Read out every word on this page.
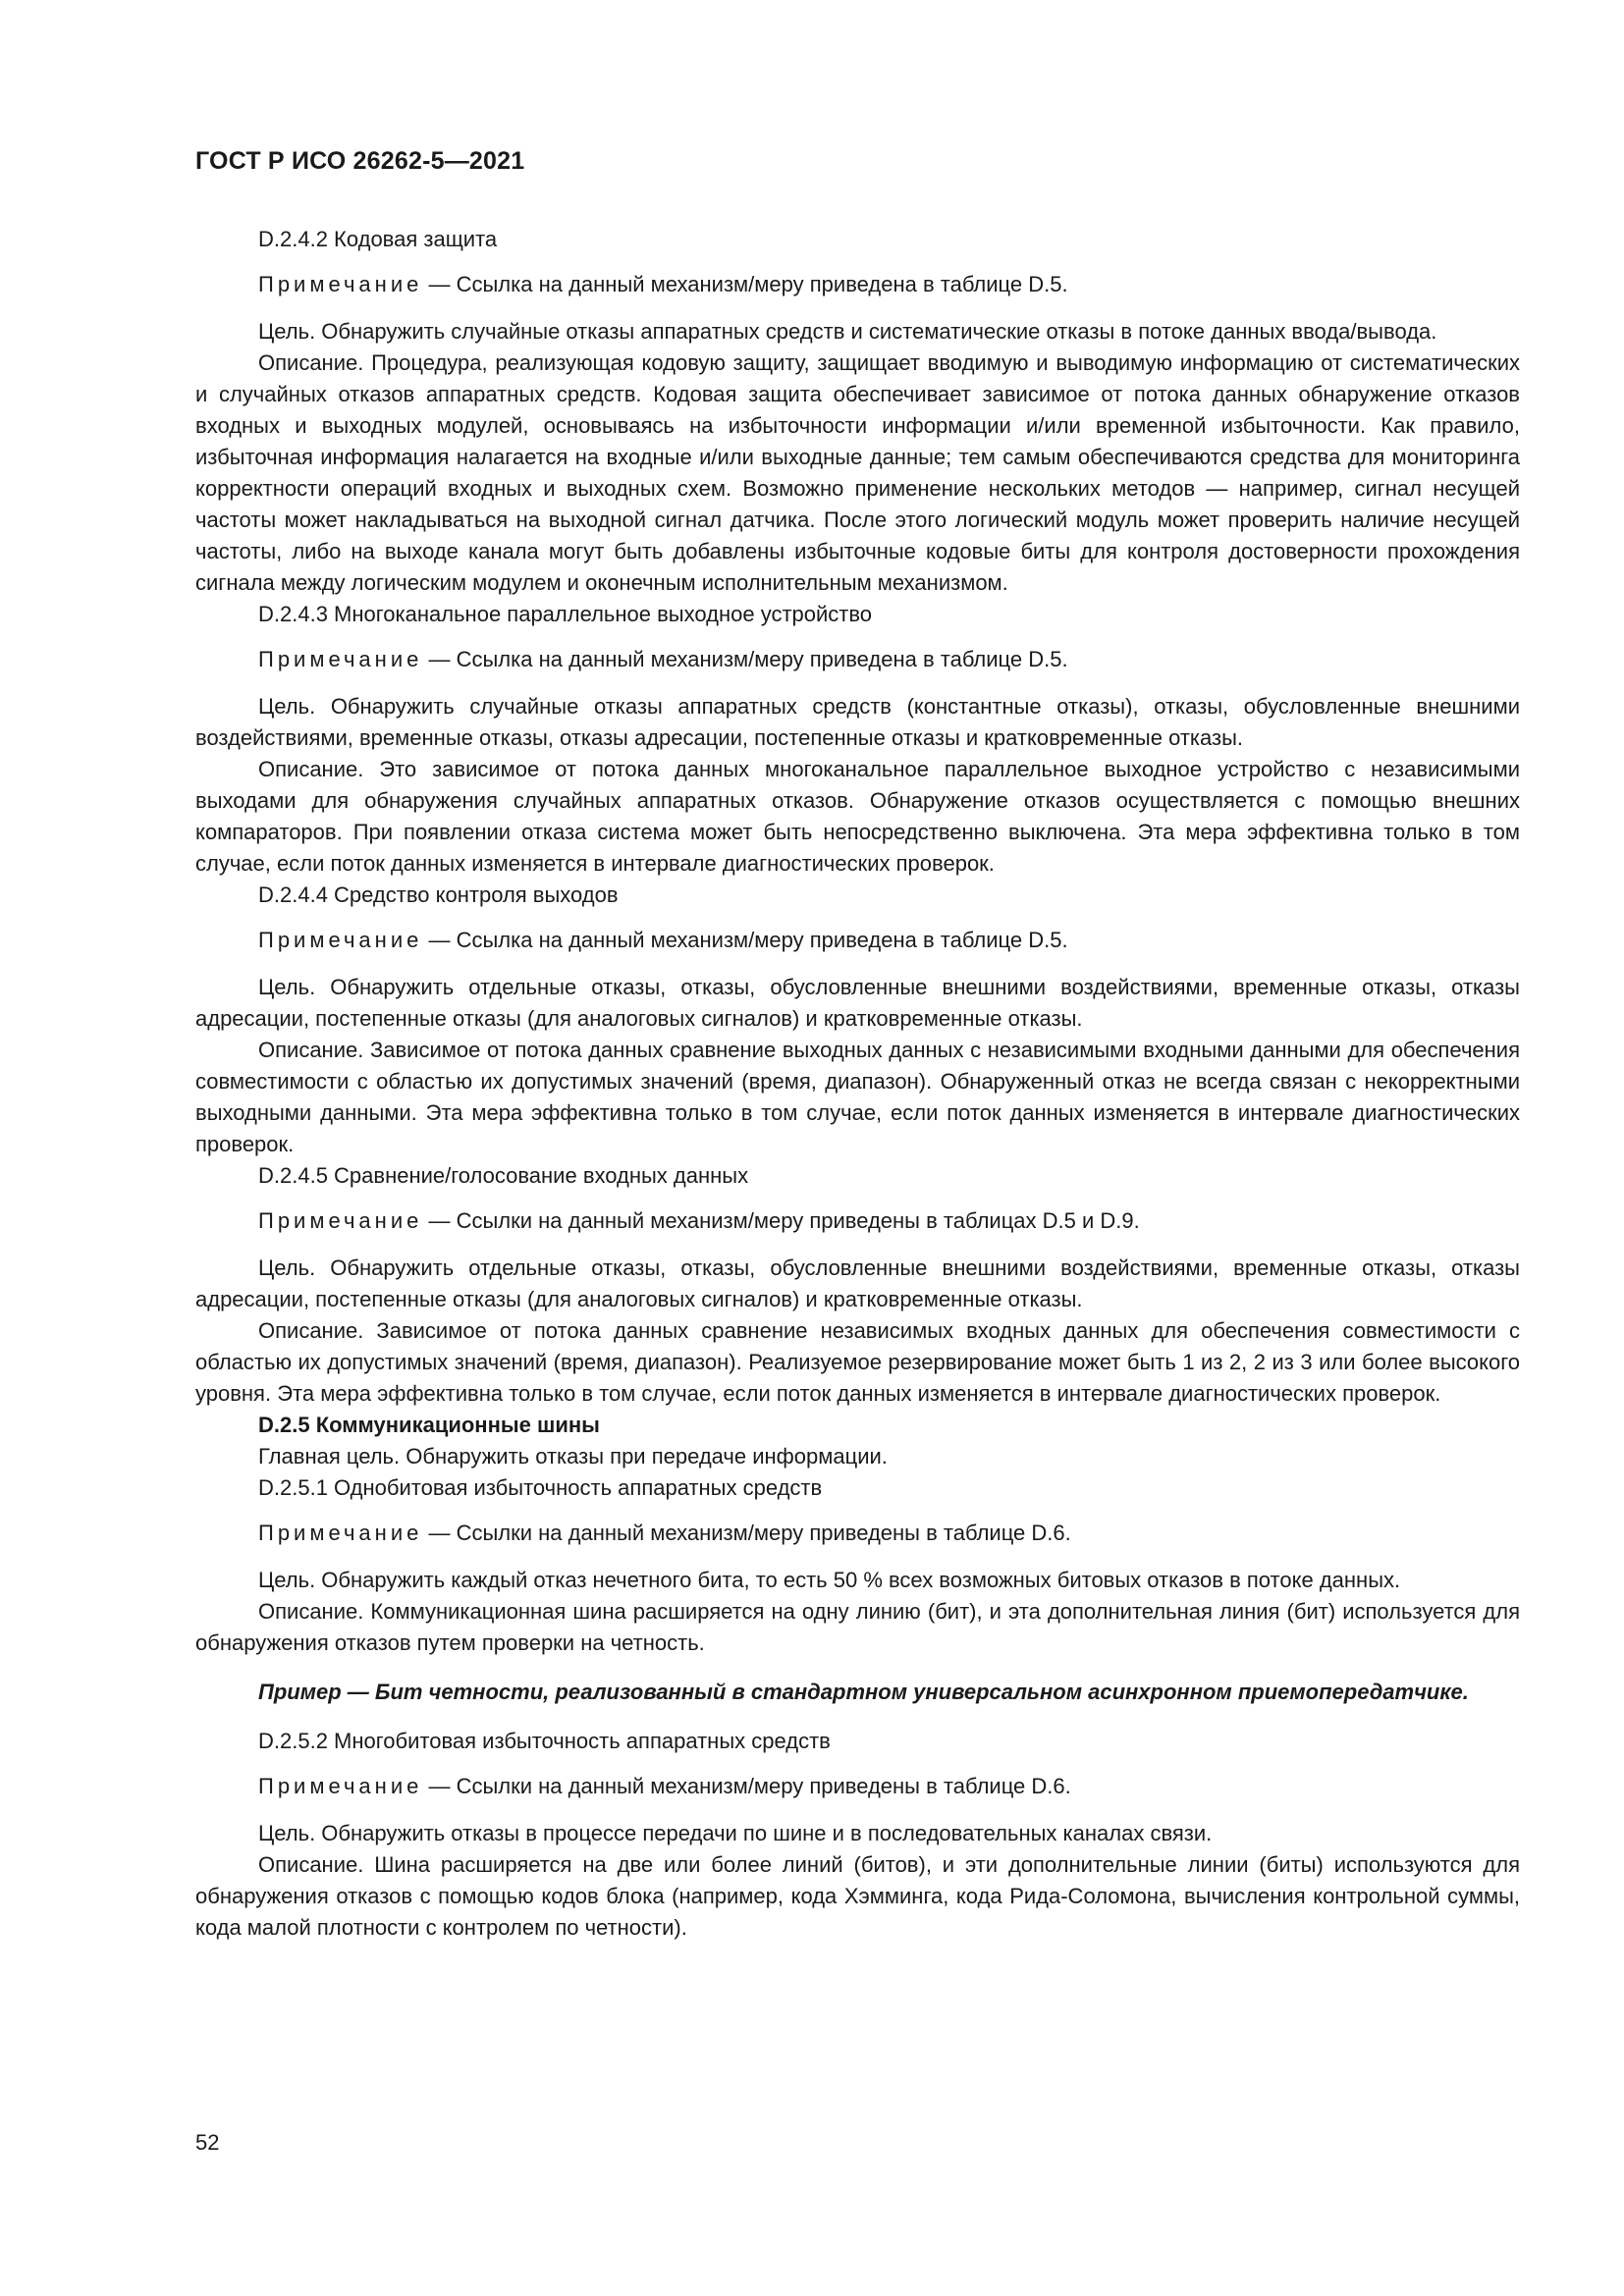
ГОСТ Р ИСО 26262-5—2021

D.2.4.2 Кодовая защита

Примечание — Ссылка на данный механизм/меру приведена в таблице D.5.

Цель. Обнаружить случайные отказы аппаратных средств и систематические отказы в потоке данных ввода/вывода.

Описание. Процедура, реализующая кодовую защиту, защищает вводимую и выводимую информацию от систематических и случайных отказов аппаратных средств. Кодовая защита обеспечивает зависимое от потока данных обнаружение отказов входных и выходных модулей, основываясь на избыточности информации и/или временной избыточности. Как правило, избыточная информация налагается на входные и/или выходные данные; тем самым обеспечиваются средства для мониторинга корректности операций входных и выходных схем. Возможно применение нескольких методов — например, сигнал несущей частоты может накладываться на выходной сигнал датчика. После этого логический модуль может проверить наличие несущей частоты, либо на выходе канала могут быть добавлены избыточные кодовые биты для контроля достоверности прохождения сигнала между логическим модулем и оконечным исполнительным механизмом.

D.2.4.3 Многоканальное параллельное выходное устройство

Примечание — Ссылка на данный механизм/меру приведена в таблице D.5.

Цель. Обнаружить случайные отказы аппаратных средств (константные отказы), отказы, обусловленные внешними воздействиями, временные отказы, отказы адресации, постепенные отказы и кратковременные отказы.

Описание. Это зависимое от потока данных многоканальное параллельное выходное устройство с независимыми выходами для обнаружения случайных аппаратных отказов. Обнаружение отказов осуществляется с помощью внешних компараторов. При появлении отказа система может быть непосредственно выключена. Эта мера эффективна только в том случае, если поток данных изменяется в интервале диагностических проверок.

D.2.4.4 Средство контроля выходов

Примечание — Ссылка на данный механизм/меру приведена в таблице D.5.

Цель. Обнаружить отдельные отказы, отказы, обусловленные внешними воздействиями, временные отказы, отказы адресации, постепенные отказы (для аналоговых сигналов) и кратковременные отказы.

Описание. Зависимое от потока данных сравнение выходных данных с независимыми входными данными для обеспечения совместимости с областью их допустимых значений (время, диапазон). Обнаруженный отказ не всегда связан с некорректными выходными данными. Эта мера эффективна только в том случае, если поток данных изменяется в интервале диагностических проверок.

D.2.4.5 Сравнение/голосование входных данных

Примечание — Ссылки на данный механизм/меру приведены в таблицах D.5 и D.9.

Цель. Обнаружить отдельные отказы, отказы, обусловленные внешними воздействиями, временные отказы, отказы адресации, постепенные отказы (для аналоговых сигналов) и кратковременные отказы.

Описание. Зависимое от потока данных сравнение независимых входных данных для обеспечения совместимости с областью их допустимых значений (время, диапазон). Реализуемое резервирование может быть 1 из 2, 2 из 3 или более высокого уровня. Эта мера эффективна только в том случае, если поток данных изменяется в интервале диагностических проверок.

D.2.5 Коммуникационные шины

Главная цель. Обнаружить отказы при передаче информации.

D.2.5.1 Однобитовая избыточность аппаратных средств

Примечание — Ссылки на данный механизм/меру приведены в таблице D.6.

Цель. Обнаружить каждый отказ нечетного бита, то есть 50 % всех возможных битовых отказов в потоке данных.

Описание. Коммуникационная шина расширяется на одну линию (бит), и эта дополнительная линия (бит) используется для обнаружения отказов путем проверки на четность.

Пример — Бит четности, реализованный в стандартном универсальном асинхронном приемопередатчике.

D.2.5.2 Многобитовая избыточность аппаратных средств

Примечание — Ссылки на данный механизм/меру приведены в таблице D.6.

Цель. Обнаружить отказы в процессе передачи по шине и в последовательных каналах связи.

Описание. Шина расширяется на две или более линий (битов), и эти дополнительные линии (биты) используются для обнаружения отказов с помощью кодов блока (например, кода Хэмминга, кода Рида-Соломона, вычисления контрольной суммы, кода малой плотности с контролем по четности).

52
